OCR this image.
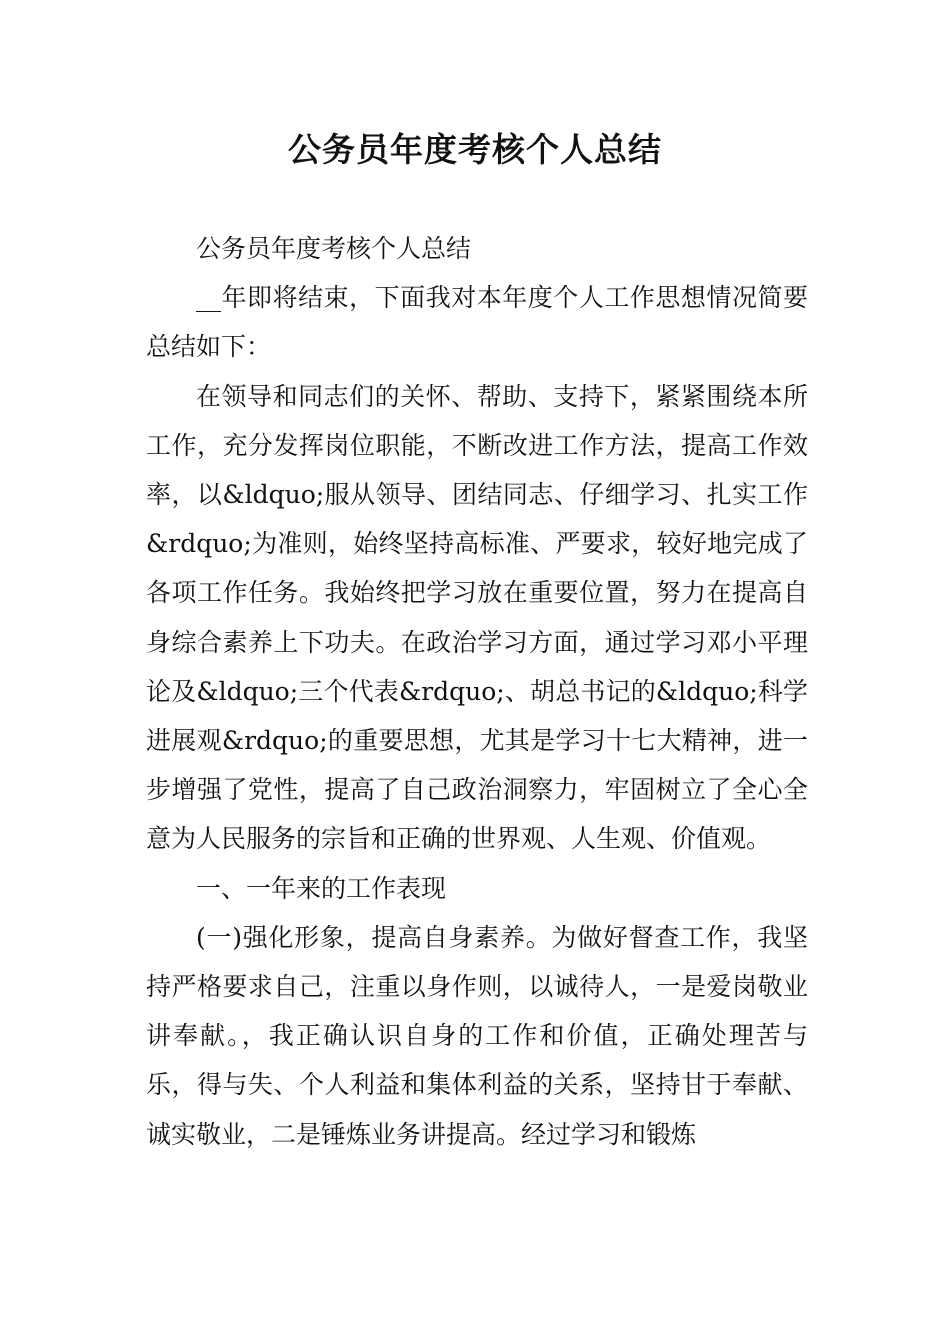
公务员年度考核个人总结

公务员年度考核个人总结

__年即将结束，下面我对本年度个人工作思想情况简要总结如下：

在领导和同志们的关怀、帮助、支持下，紧紧围绕本所工作，充分发挥岗位职能，不断改进工作方法，提高工作效率，以&ldquo;服从领导、团结同志、仔细学习、扎实工作&rdquo;为准则，始终坚持高标准、严要求，较好地完成了各项工作任务。我始终把学习放在重要位置，努力在提高自身综合素养上下功夫。在政治学习方面，通过学习邓小平理论及&ldquo;三个代表&rdquo;、胡总书记的&ldquo;科学进展观&rdquo;的重要思想，尤其是学习十七大精神，进一步增强了党性，提高了自己政治洞察力，牢固树立了全心全意为人民服务的宗旨和正确的世界观、人生观、价值观。

一、一年来的工作表现

(一)强化形象，提高自身素养。为做好督查工作，我坚持严格要求自己，注重以身作则，以诚待人，一是爱岗敬业讲奉献。，我正确认识自身的工作和价值，正确处理苦与乐，得与失、个人利益和集体利益的关系，坚持甘于奉献、诚实敬业，二是锤炼业务讲提高。经过学习和锻炼
